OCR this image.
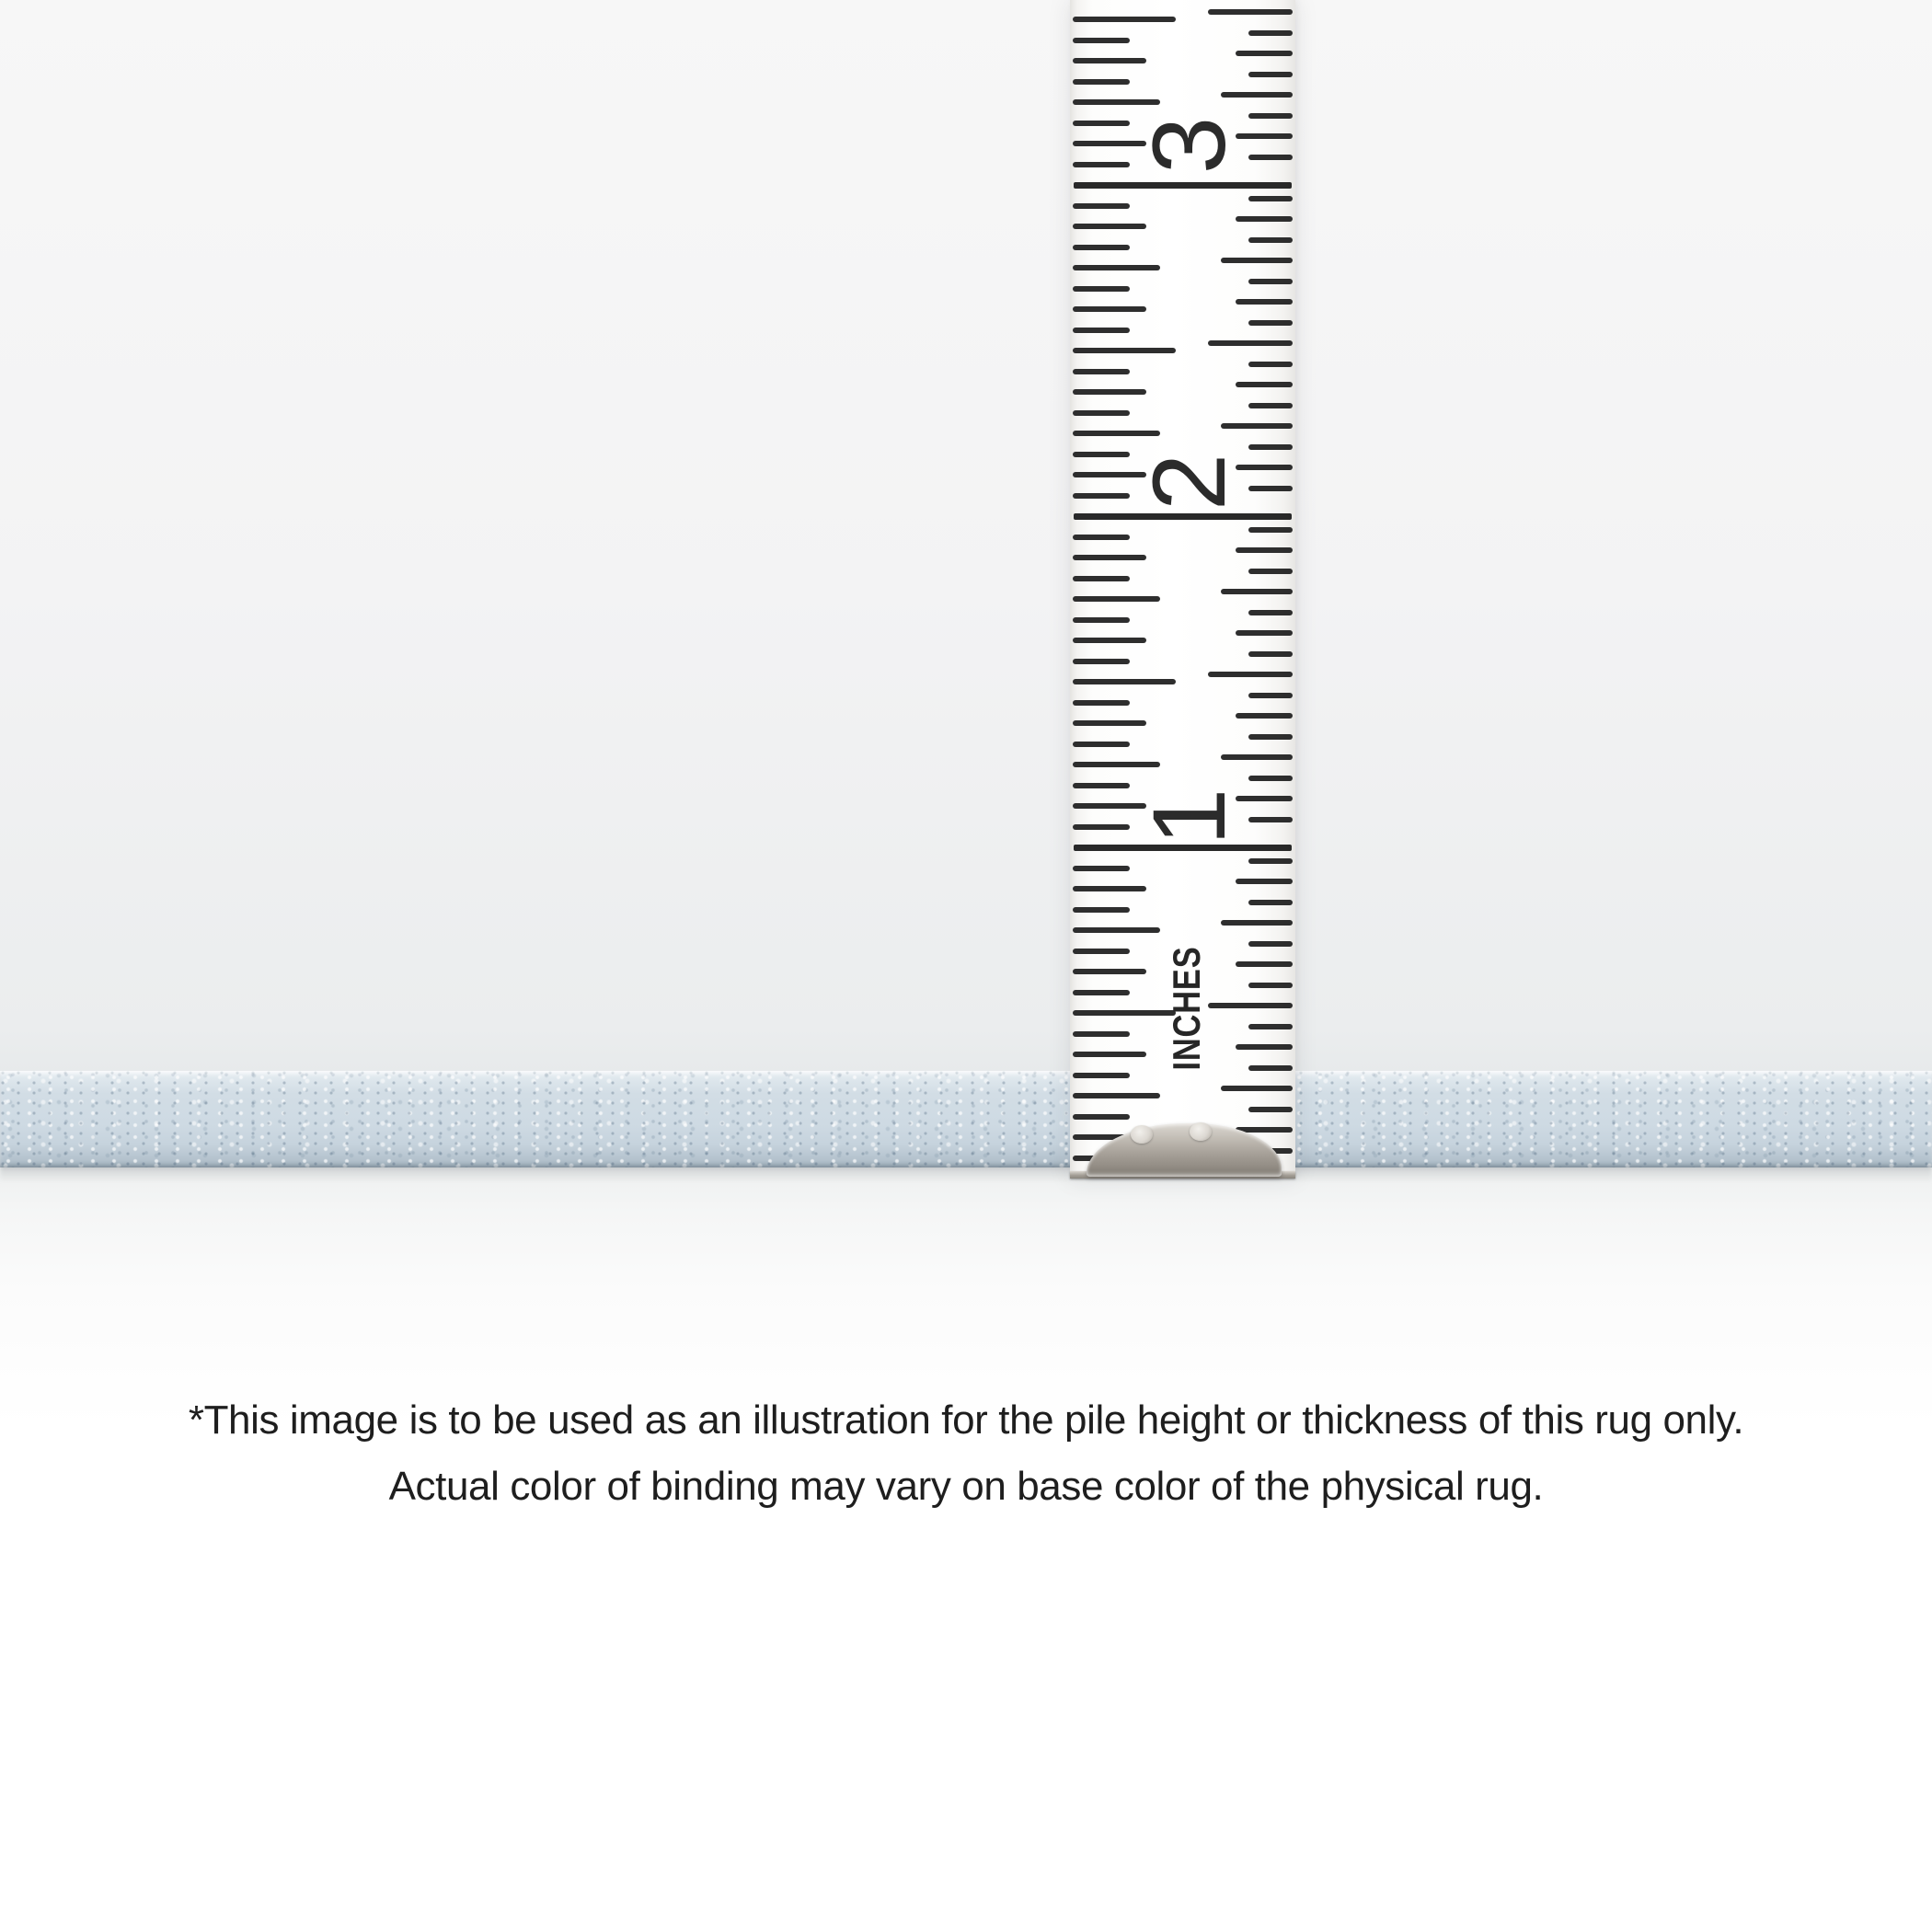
1
2
3
INCHES

*This image is to be used as an illustration for the pile height or thickness of this rug only.

Actual color of binding may vary on base color of the physical rug.
